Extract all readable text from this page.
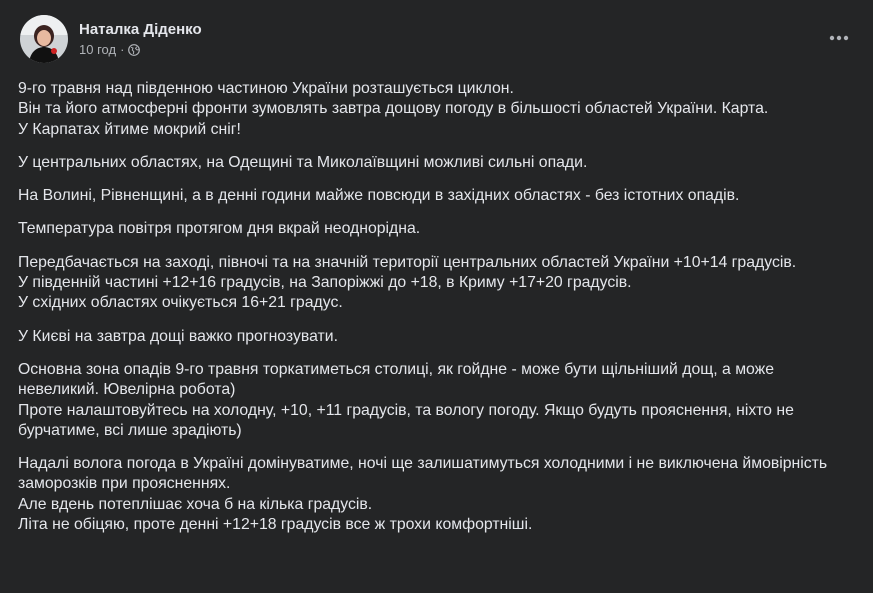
Наталка Діденко
10 год ·

9-го травня над південною частиною України розташується циклон.
Він та його атмосферні фронти зумовлять завтра дощову погоду в більшості областей України. Карта.
У Карпатах йтиме мокрий сніг!

У центральних областях, на Одещині та Миколаївщині можливі сильні опади.

На Волині, Рівненщині, а в денні години майже повсюди в західних областях - без істотних опадів.

Температура повітря протягом дня вкрай неоднорідна.

Передбачається на заході, півночі та на значній території центральних областей України +10+14 градусів.
У південній частині +12+16 градусів, на Запоріжжі до +18, в Криму +17+20 градусів.
У східних областях очікується 16+21 градус.

У Києві на завтра дощі важко прогнозувати.

Основна зона опадів 9-го травня торкатиметься столиці, як гойдне - може бути щільніший дощ, а може невеликий. Ювелірна робота)
Проте налаштовуйтесь на холодну, +10, +11 градусів, та вологу погоду. Якщо будуть прояснення, ніхто не бурчатиме, всі лише зрадіють)

Надалі волога погода в Україні домінуватиме, ночі ще залишатимуться холодними і не виключена ймовірність заморозків при проясненнях.
Але вдень потеплішає хоча б на кілька градусів.
Літа не обіцяю, проте денні +12+18 градусів все ж трохи комфортніші.
